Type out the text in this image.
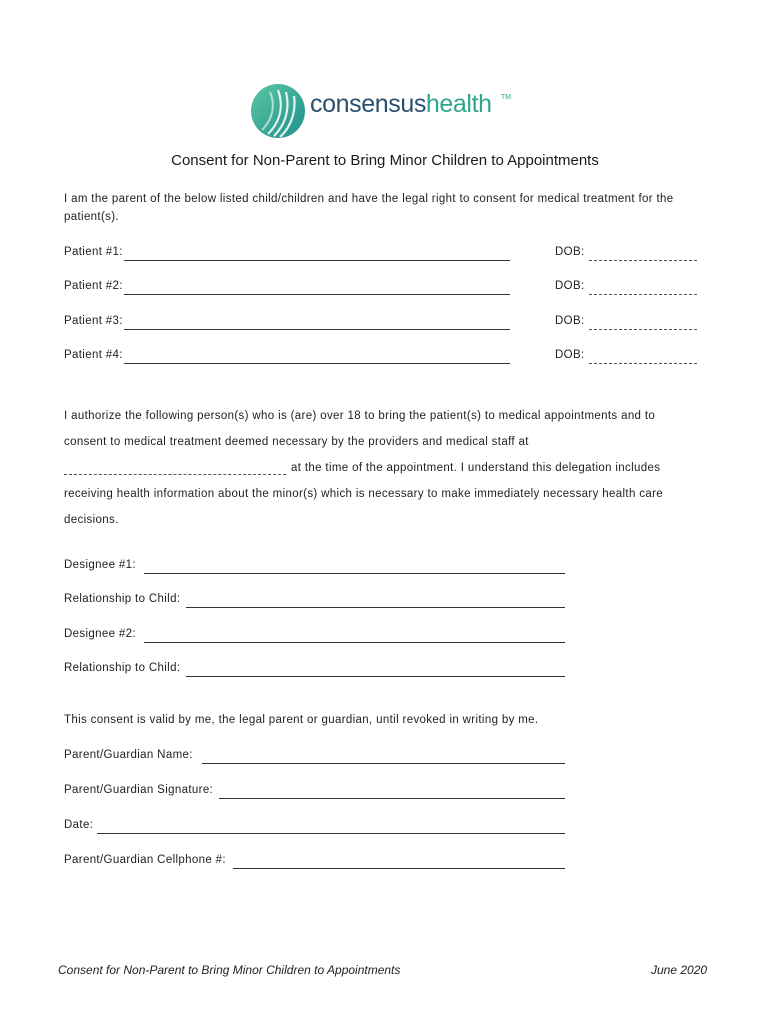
consensushealth TM
Consent for Non-Parent to Bring Minor Children to Appointments
I am the parent of the below listed child/children and have the legal right to consent for medical treatment for the
patient(s).
Patient #1:	DOB:
Patient #2:	DOB:
Patient #3:	DOB:
Patient #4:	DOB:
I authorize the following person(s) who is (are) over 18 to bring the patient(s) to medical appointments and to
consent to medical treatment deemed necessary by the providers and medical staff at
at the time of the appointment. I understand this delegation includes
receiving health information about the minor(s) which is necessary to make immediately necessary health care
decisions.
Designee #1:
Relationship to Child:
Designee #2:
Relationship to Child:
This consent is valid by me, the legal parent or guardian, until revoked in writing by me.
Parent/Guardian Name:
Parent/Guardian Signature:
Date:
Parent/Guardian Cellphone #:
Consent for Non-Parent to Bring Minor Children to Appointments	June 2020
